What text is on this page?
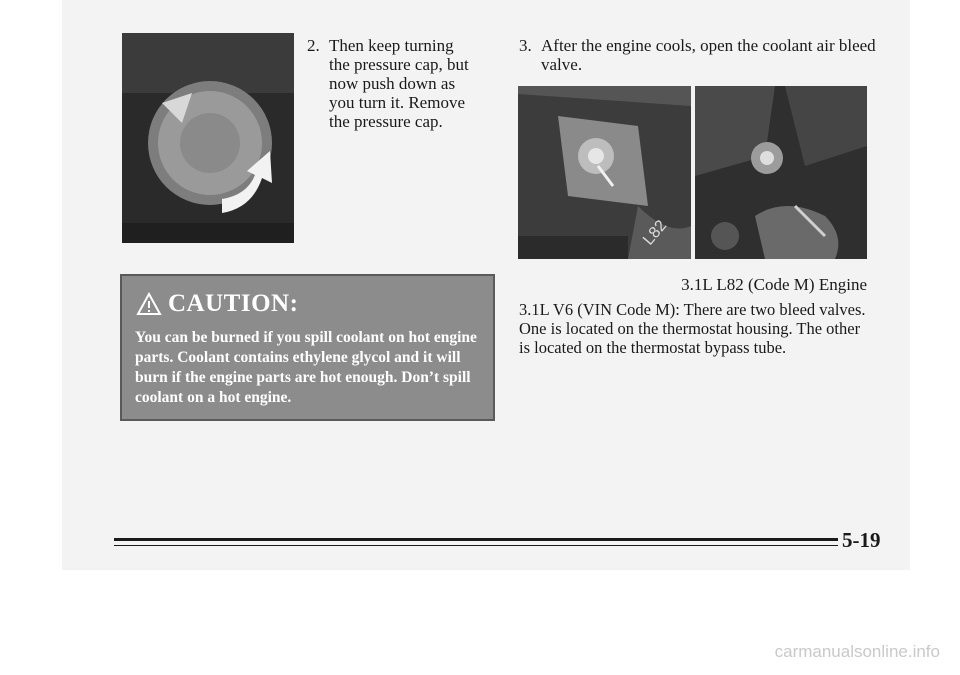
2. Then keep turning the pressure cap, but now push down as you turn it. Remove the pressure cap.
3. After the engine cools, open the coolant air bleed valve.
L82
3.1L L82 (Code M) Engine
3.1L V6 (VIN Code M): There are two bleed valves. One is located on the thermostat housing. The other is located on the thermostat bypass tube.
CAUTION:
You can be burned if you spill coolant on hot engine parts. Coolant contains ethylene glycol and it will burn if the engine parts are hot enough. Don’t spill coolant on a hot engine.
5-19
carmanualsonline.info
